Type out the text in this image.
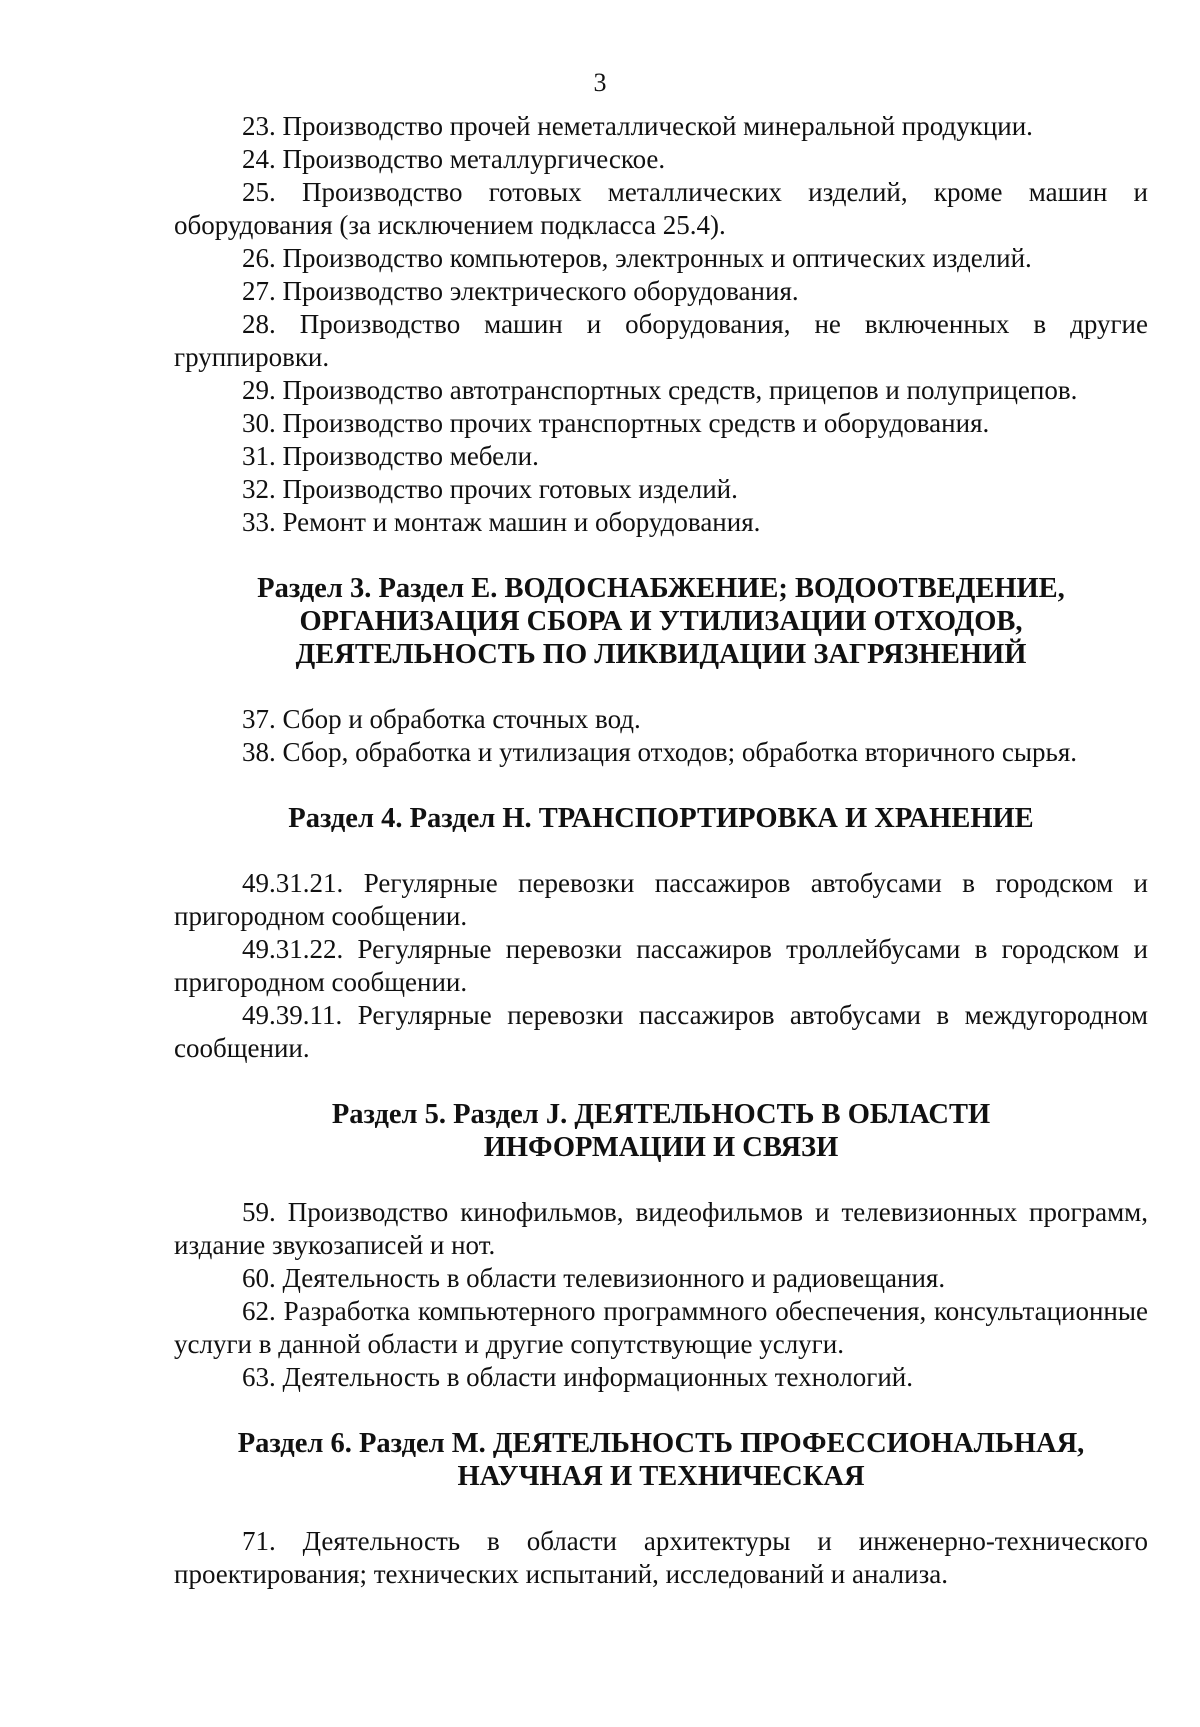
3

23. Производство прочей неметаллической минеральной продукции.

24. Производство металлургическое.

25. Производство готовых металлических изделий, кроме машин и оборудования (за исключением подкласса 25.4).

26. Производство компьютеров, электронных и оптических изделий.

27. Производство электрического оборудования.

28. Производство машин и оборудования, не включенных в другие группировки.

29. Производство автотранспортных средств, прицепов и полуприцепов.

30. Производство прочих транспортных средств и оборудования.

31. Производство мебели.

32. Производство прочих готовых изделий.

33. Ремонт и монтаж машин и оборудования.

Раздел 3. Раздел E. ВОДОСНАБЖЕНИЕ; ВОДООТВЕДЕНИЕ,
ОРГАНИЗАЦИЯ СБОРА И УТИЛИЗАЦИИ ОТХОДОВ,
ДЕЯТЕЛЬНОСТЬ ПО ЛИКВИДАЦИИ ЗАГРЯЗНЕНИЙ

37. Сбор и обработка сточных вод.

38. Сбор, обработка и утилизация отходов; обработка вторичного сырья.

Раздел 4. Раздел H. ТРАНСПОРТИРОВКА И ХРАНЕНИЕ

49.31.21. Регулярные перевозки пассажиров автобусами в городском и пригородном сообщении.

49.31.22. Регулярные перевозки пассажиров троллейбусами в городском и пригородном сообщении.

49.39.11. Регулярные перевозки пассажиров автобусами в междугородном сообщении.

Раздел 5. Раздел J. ДЕЯТЕЛЬНОСТЬ В ОБЛАСТИ
ИНФОРМАЦИИ И СВЯЗИ

59. Производство кинофильмов, видеофильмов и телевизионных программ, издание звукозаписей и нот.

60. Деятельность в области телевизионного и радиовещания.

62. Разработка компьютерного программного обеспечения, консультационные услуги в данной области и другие сопутствующие услуги.

63. Деятельность в области информационных технологий.

Раздел 6. Раздел M. ДЕЯТЕЛЬНОСТЬ ПРОФЕССИОНАЛЬНАЯ,
НАУЧНАЯ И ТЕХНИЧЕСКАЯ

71. Деятельность в области архитектуры и инженерно-технического проектирования; технических испытаний, исследований и анализа.
